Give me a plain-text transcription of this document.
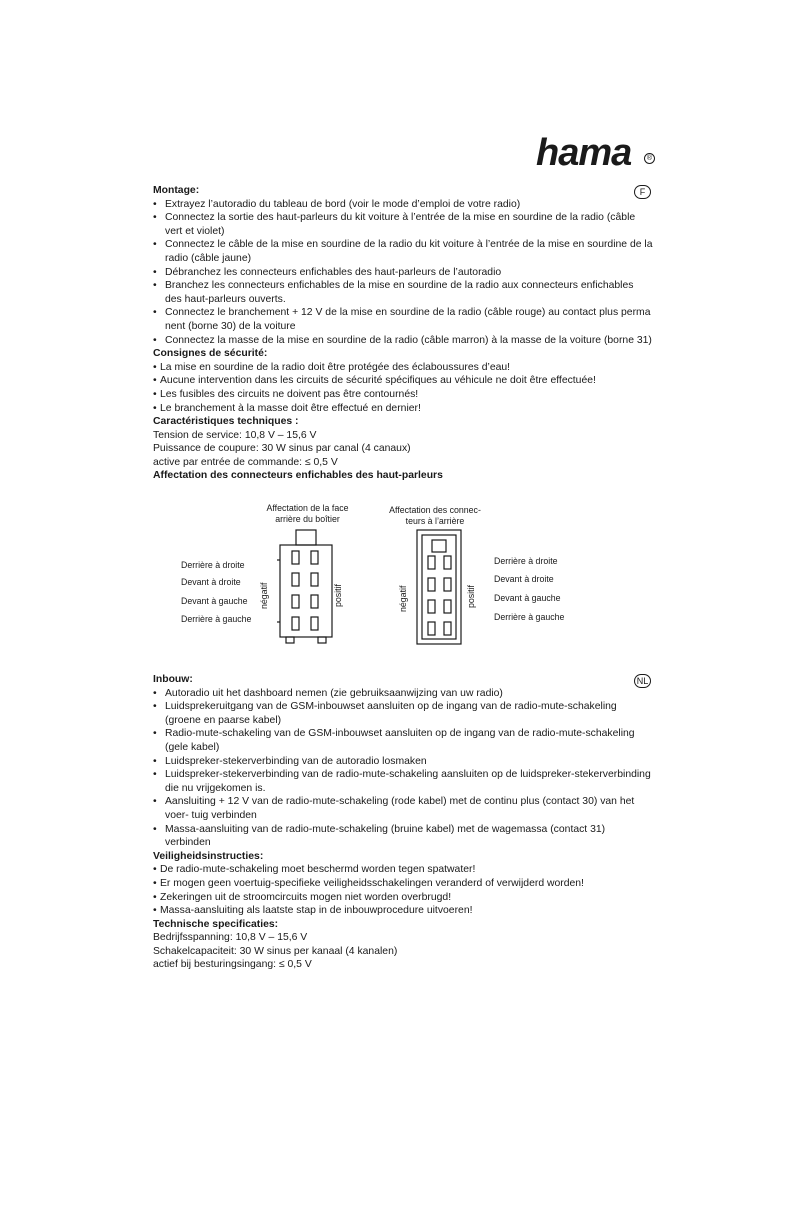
hama	®
F
Montage:
• Extrayez l’autoradio du tableau de bord (voir le mode d’emploi de votre radio)
• Connectez la sortie des haut-parleurs du kit voiture à l’entrée de la mise en sourdine de la radio (câble vert et violet)
• Connectez le câble de la mise en sourdine de la radio du kit voiture à l’entrée de la mise en sourdine de la radio (câble jaune)
• Débranchez les connecteurs enfichables des haut-parleurs de l’autoradio
• Branchez les connecteurs enfichables de la mise en sourdine de la radio aux connecteurs enfichables des haut-parleurs ouverts.
• Connectez le branchement + 12 V de la mise en sourdine de la radio (câble rouge) au contact plus perma nent (borne 30) de la voiture
• Connectez la masse de la mise en sourdine de la radio (câble marron) à la masse de la voiture (borne 31)
Consignes de sécurité:
• La mise en sourdine de la radio doit être protégée des éclaboussures d’eau!
• Aucune intervention dans les circuits de sécurité spécifiques au véhicule ne doit être effectuée!
• Les fusibles des circuits ne doivent pas être contournés!
• Le branchement à la masse doit être effectué en dernier!
Caractéristiques techniques :
Tension de service: 10,8 V – 15,6 V
Puissance de coupure: 30 W sinus par canal (4 canaux)
active par entrée de commande: ≤ 0,5 V
Affectation des connecteurs enfichables des haut-parleurs
Affectation de la face
arrière du boîtier
Affectation des connec-
teurs à l’arrière
Derrière à droite
Devant à droite
Devant à gauche
Derrière à gauche
Derrière à droite
Devant à droite
Devant à gauche
Derrière à gauche
négatif	positif	négatif	positif
NL
Inbouw:
• Autoradio uit het dashboard nemen (zie gebruiksaanwijzing van uw radio)
• Luidsprekeruitgang van de GSM-inbouwset aansluiten op de ingang van de radio-mute-schakeling (groene en paarse kabel)
• Radio-mute-schakeling van de GSM-inbouwset aansluiten op de ingang van de radio-mute-schakeling (gele kabel)
• Luidspreker-stekerverbinding van de autoradio losmaken
• Luidspreker-stekerverbinding van de radio-mute-schakeling aansluiten op de luidspreker-stekerverbinding die nu vrijgekomen is.
• Aansluiting + 12 V van de radio-mute-schakeling (rode kabel) met de continu plus (contact 30) van het voer- tuig verbinden
• Massa-aansluiting van de radio-mute-schakeling (bruine kabel) met de wagemassa (contact 31) verbinden
Veiligheidsinstructies:
• De radio-mute-schakeling moet beschermd worden tegen spatwater!
• Er mogen geen voertuig-specifieke veiligheidsschakelingen veranderd of verwijderd worden!
• Zekeringen uit de stroomcircuits mogen niet worden overbrugd!
• Massa-aansluiting als laatste stap in de inbouwprocedure uitvoeren!
Technische specificaties:
Bedrijfsspanning: 10,8 V – 15,6 V
Schakelcapaciteit: 30 W sinus per kanaal (4 kanalen)
actief bij besturingsingang: ≤ 0,5 V
